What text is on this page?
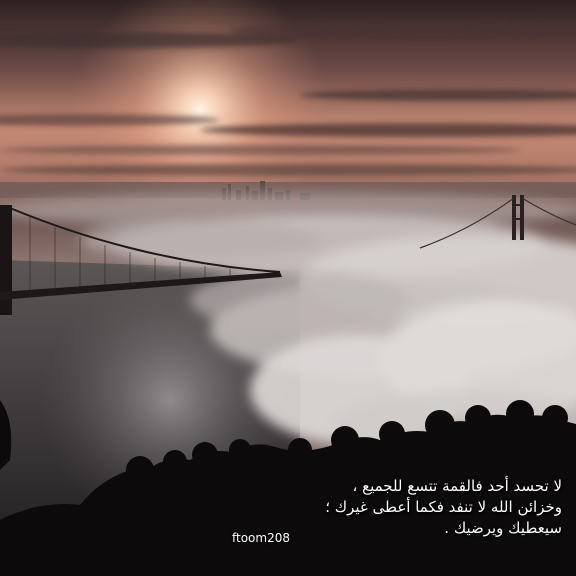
لا تحسد أحد فالقمة تتسع للجميع ،
وخزائن الله لا تنفد فكما أعطى غيرك ؛
سيعطيك ويرضيك .
ftoom208
